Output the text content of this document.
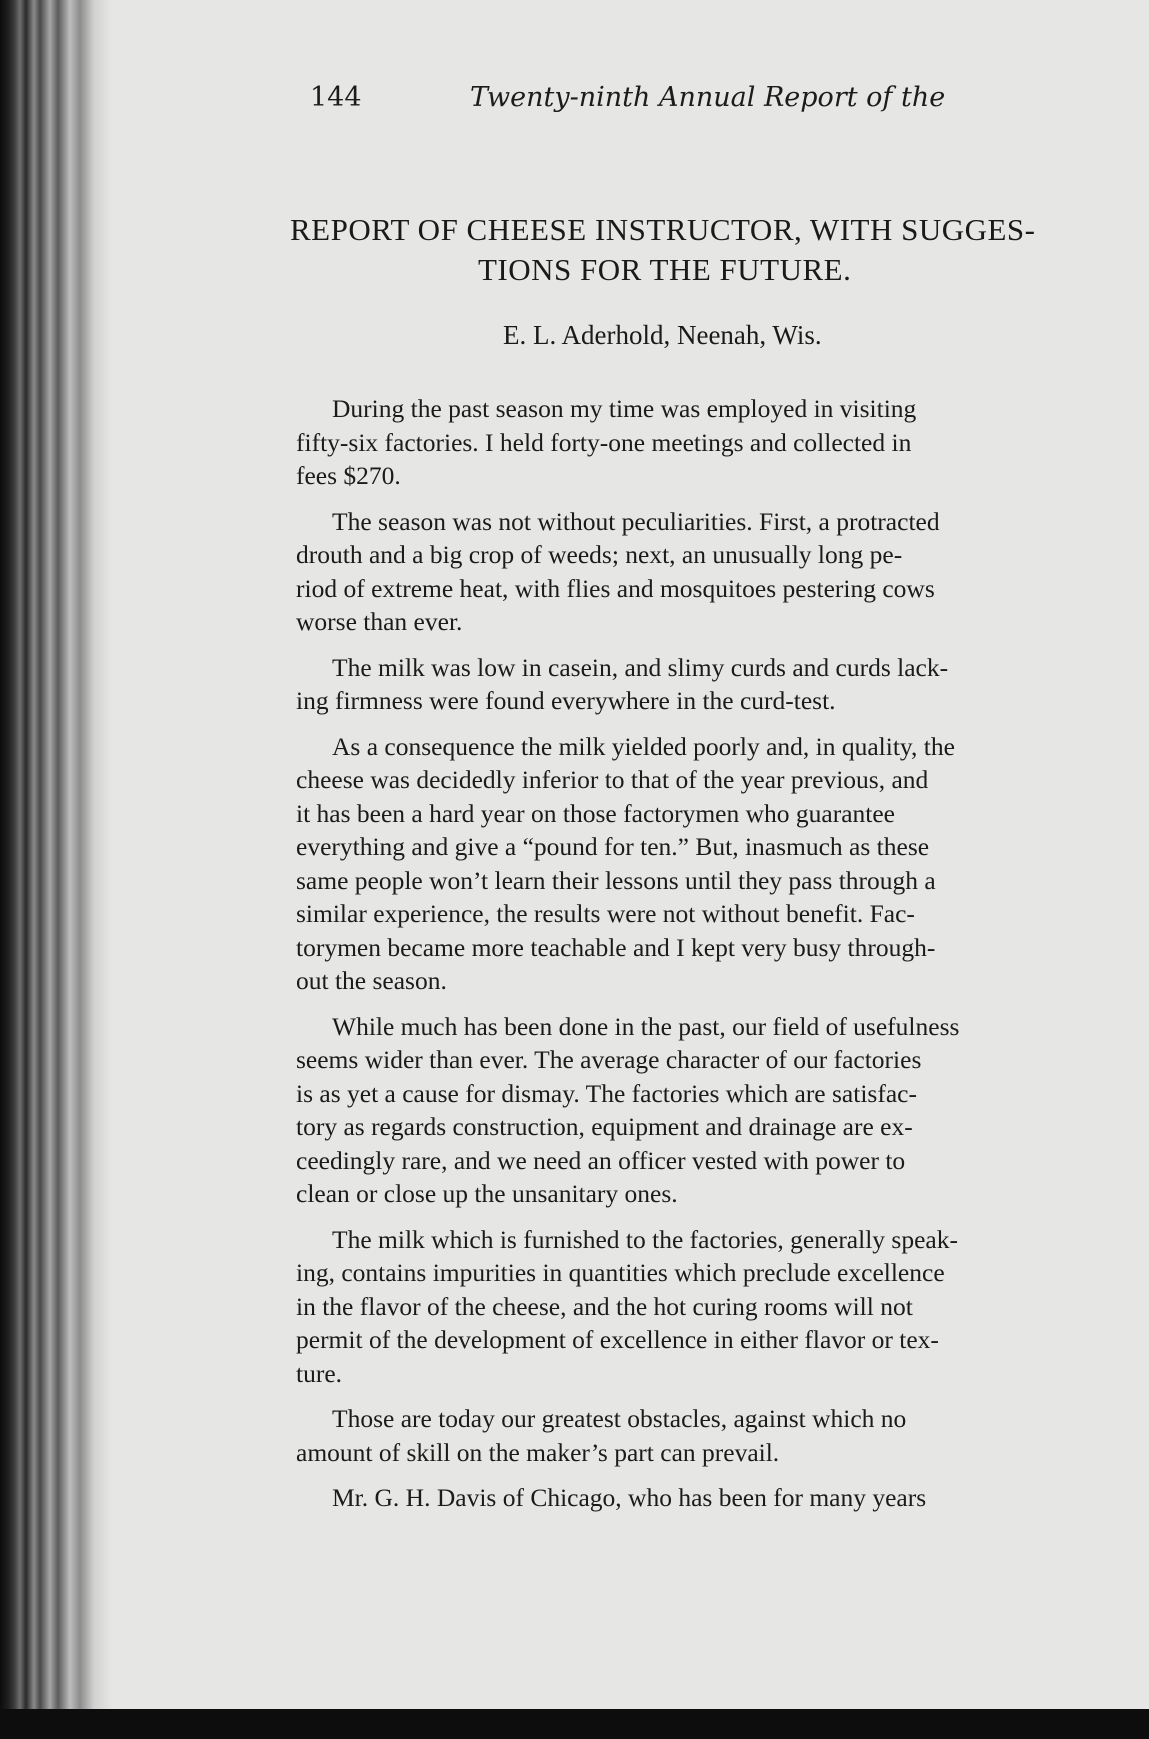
144	Twenty-ninth Annual Report of the
REPORT OF CHEESE INSTRUCTOR, WITH SUGGES-
TIONS FOR THE FUTURE.
E. L. Aderhold, Neenah, Wis.
During the past season my time was employed in visiting
fifty-six factories. I held forty-one meetings and collected in
fees $270.
The season was not without peculiarities. First, a protracted
drouth and a big crop of weeds; next, an unusually long pe-
riod of extreme heat, with flies and mosquitoes pestering cows
worse than ever.
The milk was low in casein, and slimy curds and curds lack-
ing firmness were found everywhere in the curd-test.
As a consequence the milk yielded poorly and, in quality, the
cheese was decidedly inferior to that of the year previous, and
it has been a hard year on those factorymen who guarantee
everything and give a “pound for ten.” But, inasmuch as these
same people won’t learn their lessons until they pass through a
similar experience, the results were not without benefit. Fac-
torymen became more teachable and I kept very busy through-
out the season.
While much has been done in the past, our field of usefulness
seems wider than ever. The average character of our factories
is as yet a cause for dismay. The factories which are satisfac-
tory as regards construction, equipment and drainage are ex-
ceedingly rare, and we need an officer vested with power to
clean or close up the unsanitary ones.
The milk which is furnished to the factories, generally speak-
ing, contains impurities in quantities which preclude excellence
in the flavor of the cheese, and the hot curing rooms will not
permit of the development of excellence in either flavor or tex-
ture.
Those are today our greatest obstacles, against which no
amount of skill on the maker’s part can prevail.
Mr. G. H. Davis of Chicago, who has been for many years
